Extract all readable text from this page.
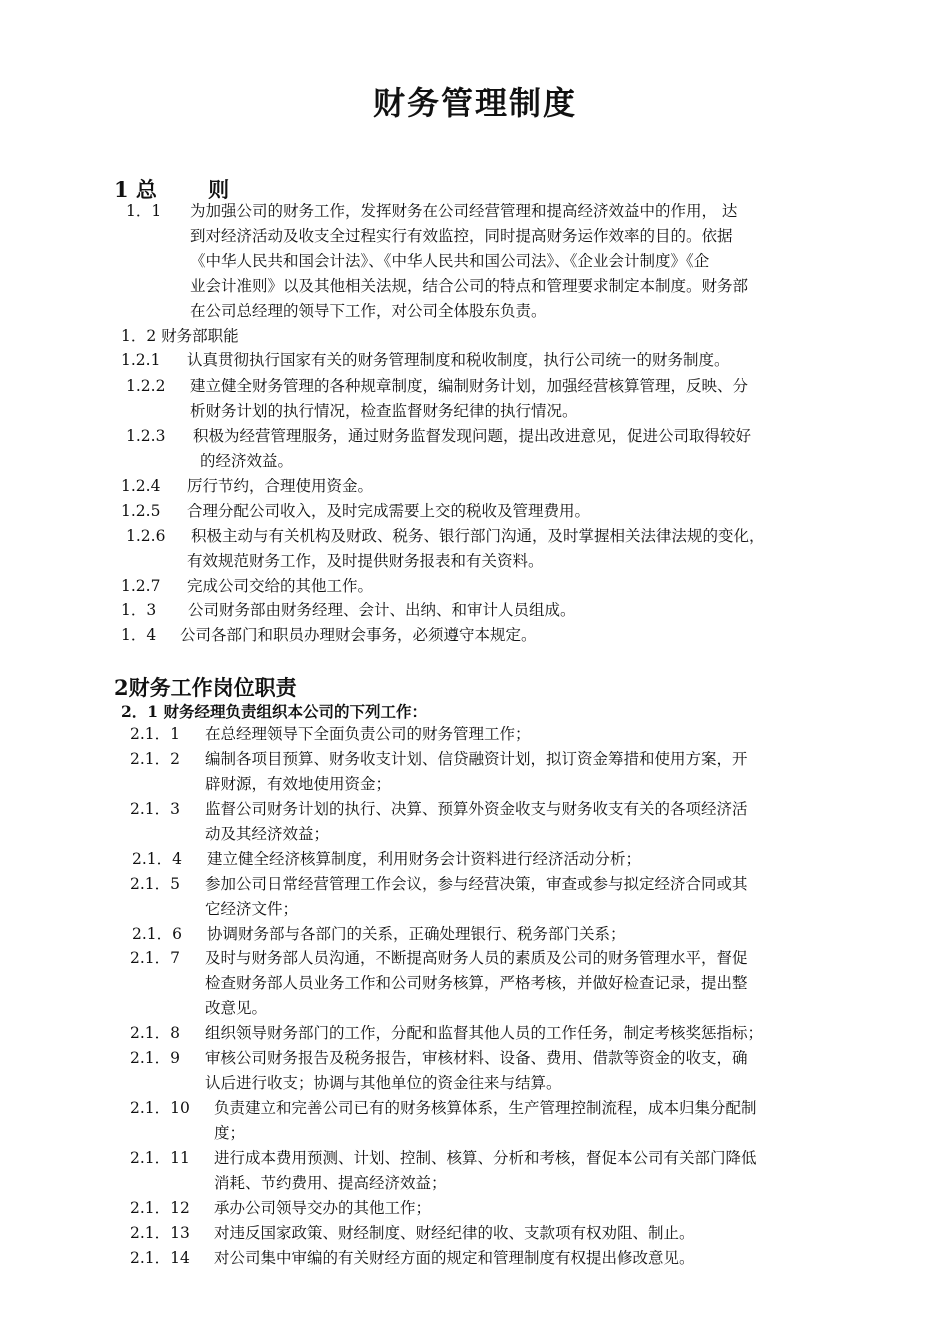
财务管理制度
1 总       则
1．1 为加强公司的财务工作，发挥财务在公司经营管理和提高经济效益中的作用， 达
到对经济活动及收支全过程实行有效监控，同时提高财务运作效率的目的。依据
《中华人民共和国会计法》、《中华人民共和国公司法》、《企业会计制度》《企
业会计准则》以及其他相关法规，结合公司的特点和管理要求制定本制度。财务部
在公司总经理的领导下工作，对公司全体股东负责。
1．2 财务部职能
1.2.1 认真贯彻执行国家有关的财务管理制度和税收制度，执行公司统一的财务制度。
1.2.2 建立健全财务管理的各种规章制度，编制财务计划，加强经营核算管理，反映、分
析财务计划的执行情况，检查监督财务纪律的执行情况。
1.2.3 积极为经营管理服务，通过财务监督发现问题，提出改进意见，促进公司取得较好
的经济效益。
1.2.4 厉行节约，合理使用资金。
1.2.5 合理分配公司收入，及时完成需要上交的税收及管理费用。
1.2.6 积极主动与有关机构及财政、税务、银行部门沟通，及时掌握相关法律法规的变化，
有效规范财务工作，及时提供财务报表和有关资料。
1.2.7 完成公司交给的其他工作。
1．3 公司财务部由财务经理、会计、出纳、和审计人员组成。
1．4 公司各部门和职员办理财会事务，必须遵守本规定。
2财务工作岗位职责
2．1 财务经理负责组织本公司的下列工作：
2.1．1 在总经理领导下全面负责公司的财务管理工作；
2.1．2 编制各项目预算、财务收支计划、信贷融资计划，拟订资金筹措和使用方案，开
辟财源，有效地使用资金；
2.1．3 监督公司财务计划的执行、决算、预算外资金收支与财务收支有关的各项经济活
动及其经济效益；
2.1．4 建立健全经济核算制度，利用财务会计资料进行经济活动分析；
2.1．5 参加公司日常经营管理工作会议，参与经营决策，审查或参与拟定经济合同或其
它经济文件；
2.1．6 协调财务部与各部门的关系，正确处理银行、税务部门关系；
2.1．7 及时与财务部人员沟通，不断提高财务人员的素质及公司的财务管理水平，督促
检查财务部人员业务工作和公司财务核算，严格考核，并做好检查记录，提出整
改意见。
2.1．8 组织领导财务部门的工作，分配和监督其他人员的工作任务，制定考核奖惩指标；
2.1．9 审核公司财务报告及税务报告，审核材料、设备、费用、借款等资金的收支，确
认后进行收支；协调与其他单位的资金往来与结算。
2.1．10 负责建立和完善公司已有的财务核算体系，生产管理控制流程，成本归集分配制
度；
2.1．11 进行成本费用预测、计划、控制、核算、分析和考核，督促本公司有关部门降低
消耗、节约费用、提高经济效益；
2.1．12 承办公司领导交办的其他工作；
2.1．13 对违反国家政策、财经制度、财经纪律的收、支款项有权劝阻、制止。
2.1．14 对公司集中审编的有关财经方面的规定和管理制度有权提出修改意见。
